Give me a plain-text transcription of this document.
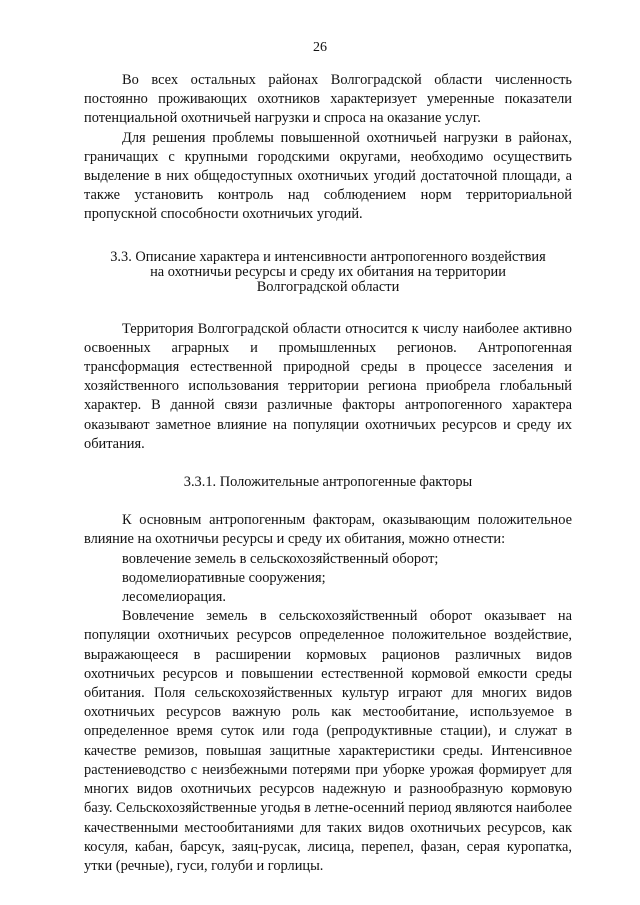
26

Во всех остальных районах Волгоградской области численность постоянно проживающих охотников характеризует умеренные показатели потенциальной охотничьей нагрузки и спроса на оказание услуг.

Для решения проблемы повышенной охотничьей нагрузки в районах, граничащих с крупными городскими округами, необходимо осуществить выделение в них общедоступных охотничьих угодий достаточной площади, а также установить контроль над соблюдением норм территориальной пропускной способности охотничьих угодий.

3.3. Описание характера и интенсивности антропогенного воздействия
на охотничьи ресурсы и среду их обитания на территории
Волгоградской области

Территория Волгоградской области относится к числу наиболее активно освоенных аграрных и промышленных регионов. Антропогенная трансформация естественной природной среды в процессе заселения и хозяйственного использования территории региона приобрела глобальный характер. В данной связи различные факторы антропогенного характера оказывают заметное влияние на популяции охотничьих ресурсов и среду их обитания.

3.3.1. Положительные антропогенные факторы

К основным антропогенным факторам, оказывающим положительное влияние на охотничьи ресурсы и среду их обитания, можно отнести:

вовлечение земель в сельскохозяйственный оборот;

водомелиоративные сооружения;

лесомелиорация.

Вовлечение земель в сельскохозяйственный оборот оказывает на популяции охотничьих ресурсов определенное положительное воздействие, выражающееся в расширении кормовых рационов различных видов охотничьих ресурсов и повышении естественной кормовой емкости среды обитания. Поля сельскохозяйственных культур играют для многих видов охотничьих ресурсов важную роль как местообитание, используемое в определенное время суток или года (репродуктивные стации), и служат в качестве ремизов, повышая защитные характеристики среды. Интенсивное растениеводство с неизбежными потерями при уборке урожая формирует для многих видов охотничьих ресурсов надежную и разнообразную кормовую базу. Сельскохозяйственные угодья в летне-осенний период являются наиболее качественными местообитаниями для таких видов охотничьих ресурсов, как косуля, кабан, барсук, заяц-русак, лисица, перепел, фазан, серая куропатка, утки (речные), гуси, голуби и горлицы.
